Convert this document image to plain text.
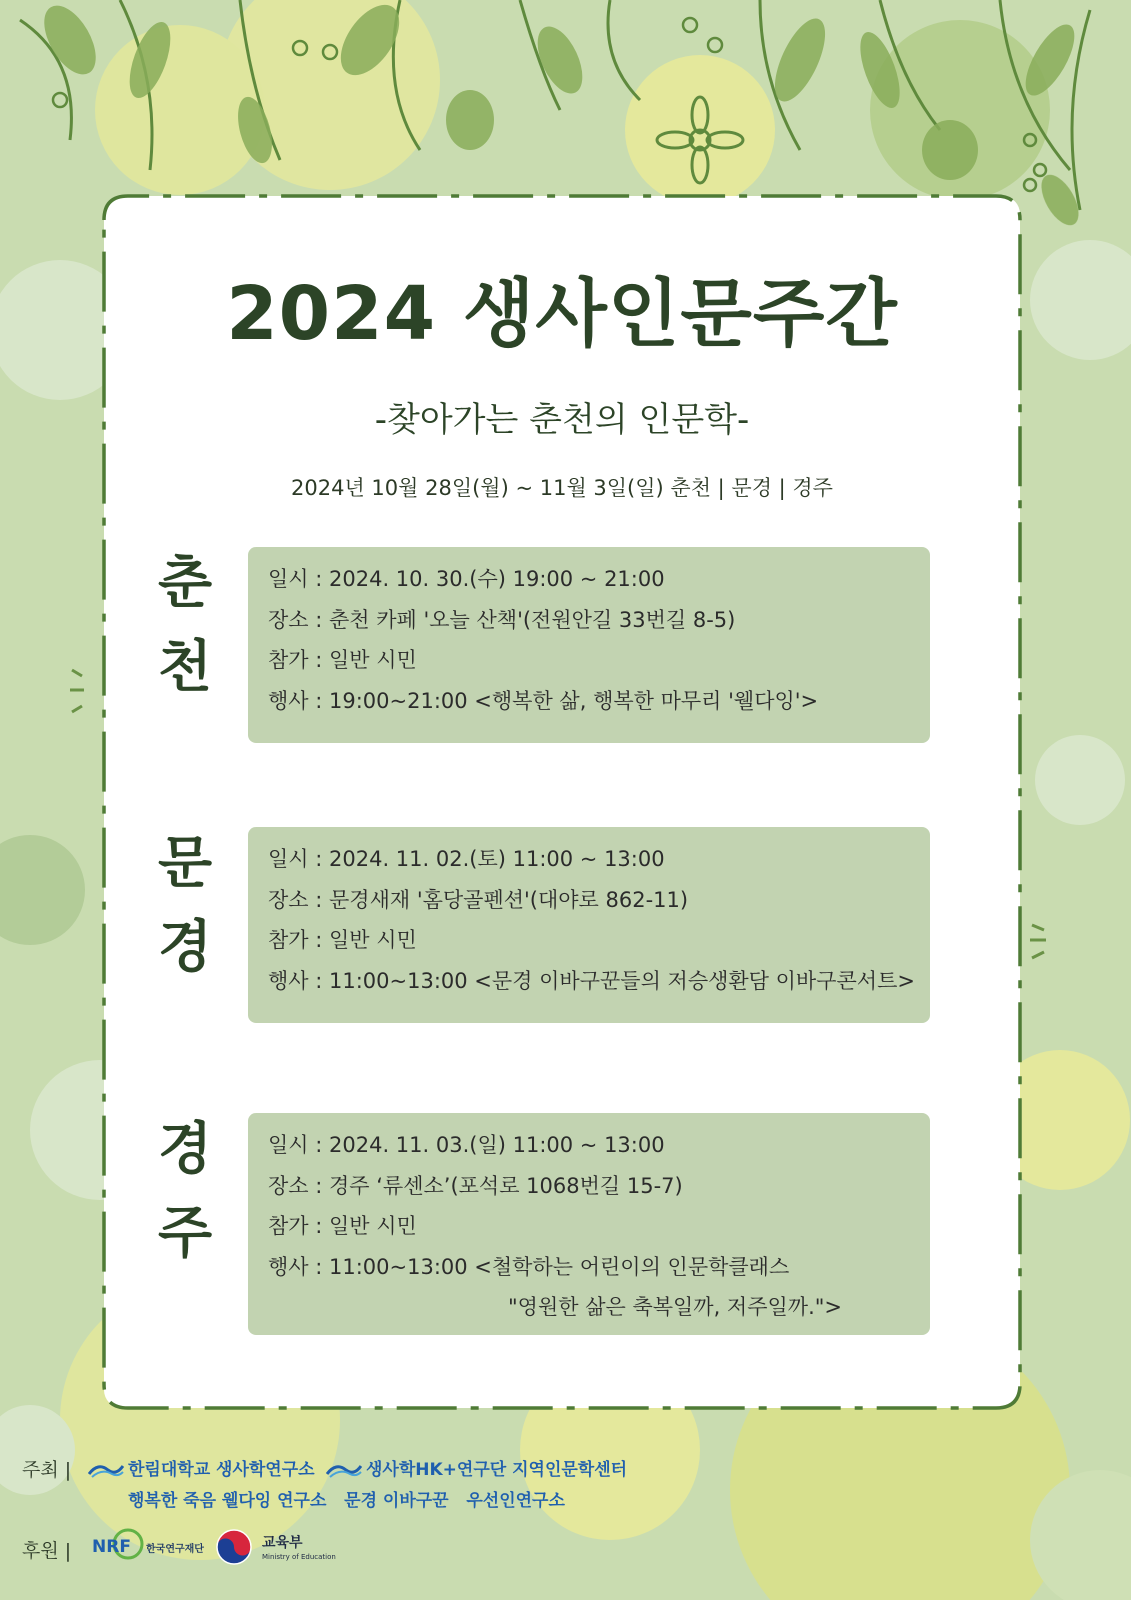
2024 생사인문주간

-찾아가는 춘천의 인문학-

2024년 10월 28일(월) ~ 11월 3일(일) 춘천 | 문경 | 경주

춘
천
일시 : 2024. 10. 30.(수) 19:00 ~ 21:00
장소 : 춘천 카페 '오늘 산책'(전원안길 33번길 8-5)
참가 : 일반 시민
행사 : 19:00~21:00 <행복한 삶, 행복한 마무리 '웰다잉'>
문
경
일시 : 2024. 11. 02.(토) 11:00 ~ 13:00
장소 : 문경새재 '홈당골펜션'(대야로 862-11)
참가 : 일반 시민
행사 : 11:00~13:00 <문경 이바구꾼들의 저승생환담 이바구콘서트>
경
주
일시 : 2024. 11. 03.(일) 11:00 ~ 13:00
장소 : 경주 ‘류센소’(포석로 1068번길 15-7)
참가 : 일반 시민
행사 : 11:00~13:00 <철학하는 어린이의 인문학클래스
"영원한 삶은 축복일까, 저주일까.">
주최 |	한림대학교 생사학연구소	생사학HK+연구단 지역인문학센터
행복한 죽음 웰다잉 연구소   문경 이바구꾼   우선인연구소
후원 | NRF 한국연구재단	교육부
Ministry of Education
